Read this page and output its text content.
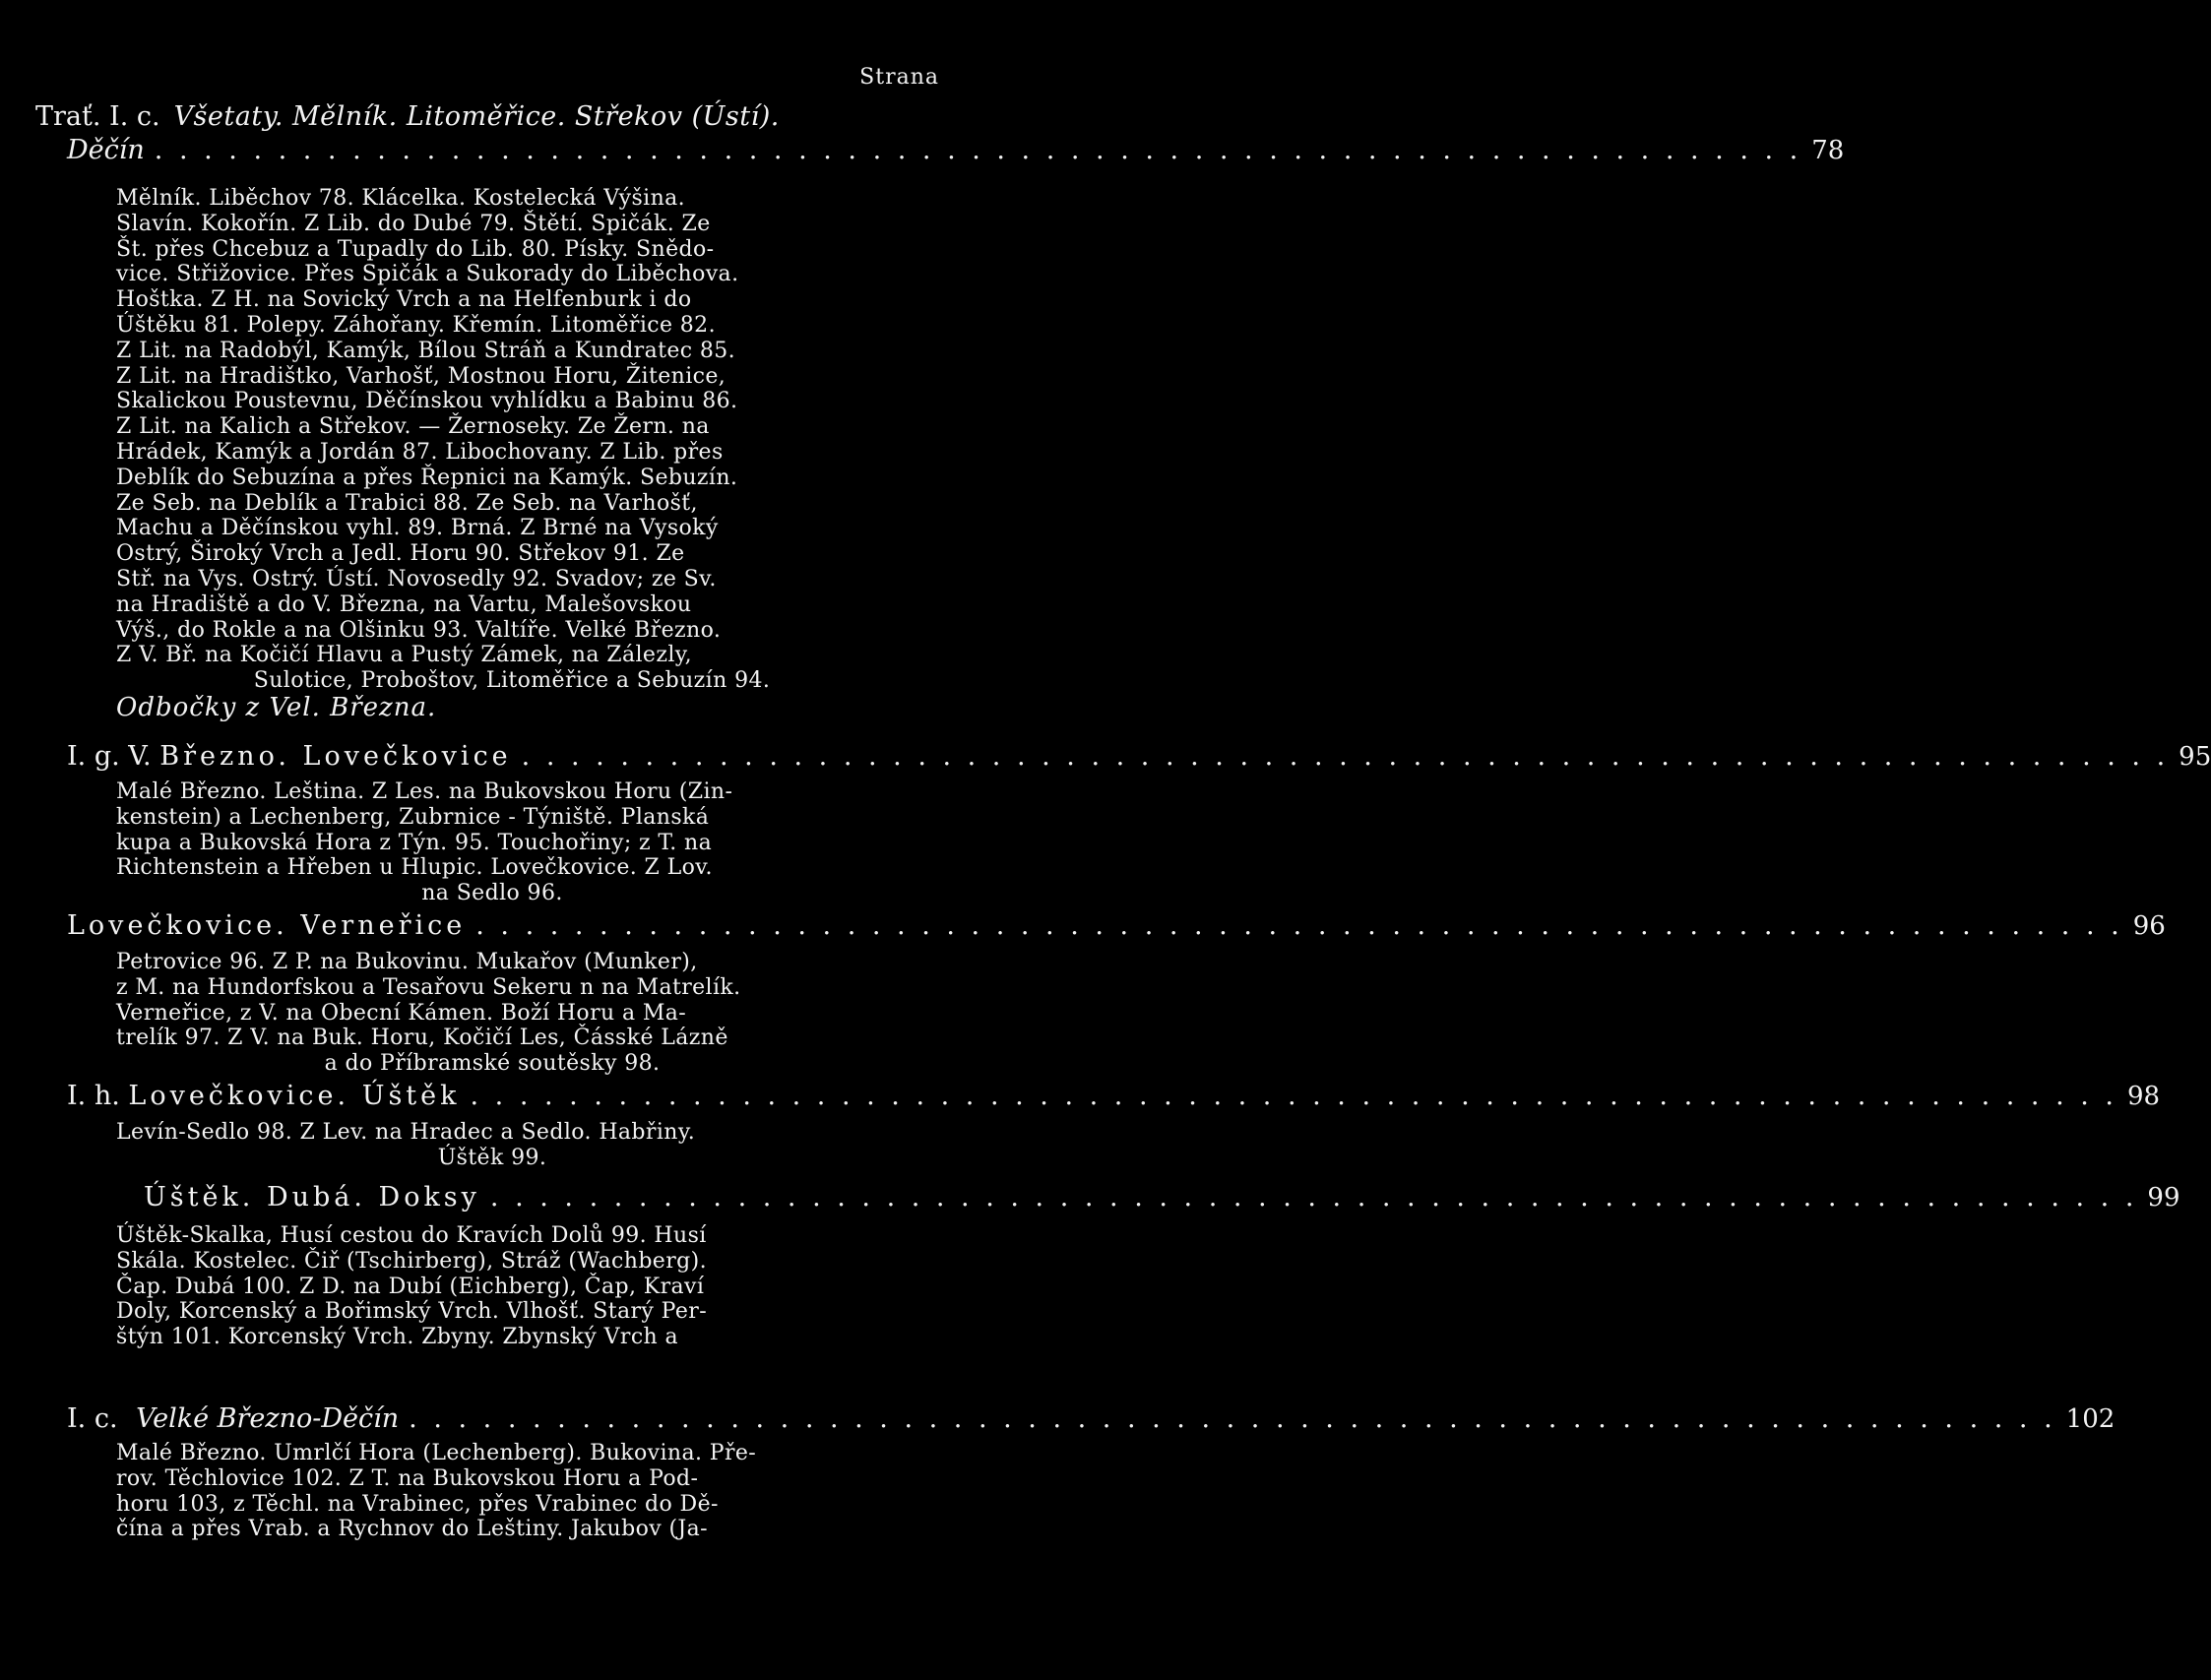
Strana
Trať. I. c. Všetaty. Mělník. Litoměřice. Střekov (Ústí).
Děčín . . .	78
Mělník. Liběchov 78. Klácelka. Kostelecká Výšina.
Slavín. Kokořín. Z Lib. do Dubé 79. Štětí. Spičák. Ze
Št. přes Chcebuz a Tupadly do Lib. 80. Písky. Snědo-
vice. Střižovice. Přes Spičák a Sukorady do Liběchova.
Hoštka. Z H. na Sovický Vrch a na Helfenburk i do
Úštěku 81. Polepy. Záhořany. Křemín. Litoměřice 82.
Z Lit. na Radobýl, Kamýk, Bílou Stráň a Kundratec 85.
Z Lit. na Hradištko, Varhošť, Mostnou Horu, Žitenice,
Skalickou Poustevnu, Děčínskou vyhlídku a Babinu 86.
Z Lit. na Kalich a Střekov. — Žernoseky. Ze Žern. na
Hrádek, Kamýk a Jordán 87. Libochovany. Z Lib. přes
Deblík do Sebuzína a přes Řepnici na Kamýk. Sebuzín.
Ze Seb. na Deblík a Trabici 88. Ze Seb. na Varhošť,
Machu a Děčínskou vyhl. 89. Brná. Z Brné na Vysoký
Ostrý, Široký Vrch a Jedl. Horu 90. Střekov 91. Ze
Stř. na Vys. Ostrý. Ústí. Novosedly 92. Svadov; ze Sv.
na Hradiště a do V. Března, na Vartu, Malešovskou
Výš., do Rokle a na Olšinku 93. Valtíře. Velké Březno.
Z V. Bř. na Kočičí Hlavu a Pustý Zámek, na Zálezly,
Sulotice, Proboštov, Litoměřice a Sebuzín 94.
Odbočky z Vel. Března.
I. g. V. Březno. Lovečkovice . . .	95
Malé Březno. Leština. Z Les. na Bukovskou Horu (Zin-
kenstein) a Lechenberg, Zubrnice - Týniště. Planská
kupa a Bukovská Hora z Týn. 95. Touchořiny; z T. na
Richtenstein a Hřeben u Hlupic. Lovečkovice. Z Lov.
na Sedlo 96.
Lovečkovice. Verneřice . . .	96
Petrovice 96. Z P. na Bukovinu. Mukařov (Munker),
z M. na Hundorfskou a Tesařovu Sekeru n na Matrelík.
Verneřice, z V. na Obecní Kámen. Boží Horu a Ma-
trelík 97. Z V. na Buk. Horu, Kočičí Les, Čásské Lázně
a do Příbramské soutěsky 98.
I. h. Lovečkovice. Úštěk . . .	98
Levín-Sedlo 98. Z Lev. na Hradec a Sedlo. Habřiny.
Úštěk 99.
Úštěk. Dubá. Doksy . . .	99
Úštěk-Skalka, Husí cestou do Kravích Dolů 99. Husí
Skála. Kostelec. Čiř (Tschirberg), Stráž (Wachberg).
Čap. Dubá 100. Z D. na Dubí (Eichberg), Čap, Kraví
Doly, Korcenský a Bořimský Vrch. Vlhošť. Starý Per-
štýn 101. Korcenský Vrch. Zbyny. Zbynský Vrch a
I. c. Velké Březno-Děčín . . .	102
Malé Březno. Umrlčí Hora (Lechenberg). Bukovina. Pře-
rov. Těchlovice 102. Z T. na Bukovskou Horu a Pod-
horu 103, z Těchl. na Vrabinec, přes Vrabinec do Dě-
čína a přes Vrab. a Rychnov do Leštiny. Jakubov (Ja-
